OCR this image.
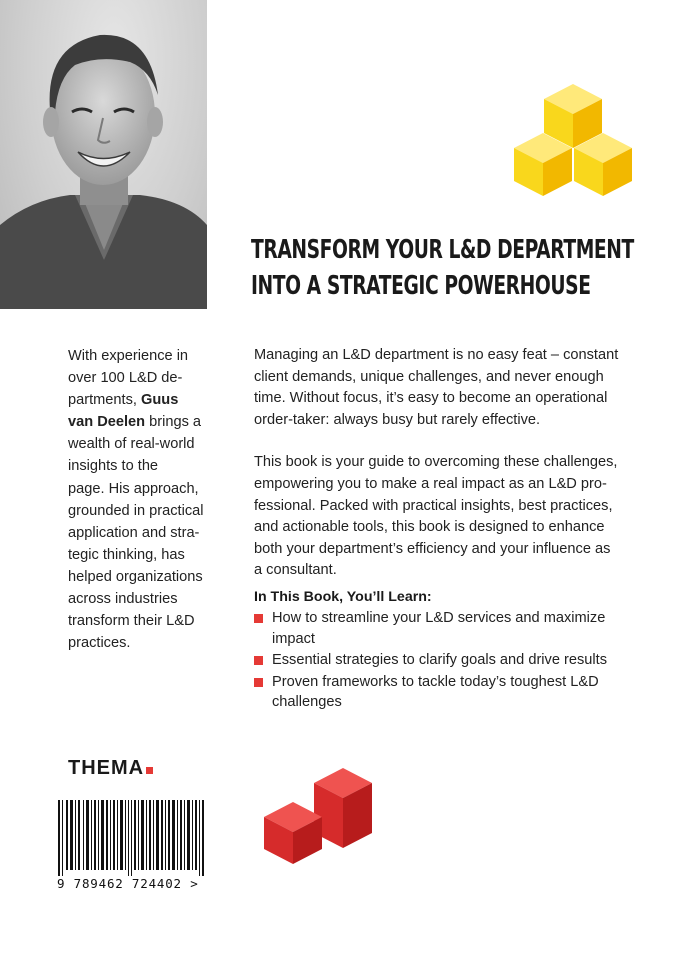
TRANSFORM YOUR L&D DEPARTMENT
INTO A STRATEGIC POWERHOUSE
With experience in
over 100 L&D de-
partments, Guus
van Deelen brings a
wealth of real-world
insights to the
page. His approach,
grounded in practical
application and stra-
tegic thinking, has
helped organizations
across industries
transform their L&D
practices.

Managing an L&D department is no easy feat – constant
client demands, unique challenges, and never enough
time. Without focus, it’s easy to become an operational
order-taker: always busy but rarely effective.

This book is your guide to overcoming these challenges,
empowering you to make a real impact as an L&D pro-
fessional. Packed with practical insights, best practices,
and actionable tools, this book is designed to enhance
both your department’s efficiency and your influence as
a consultant.

In This Book, You’ll Learn:
How to streamline your L&D services and maximize
impact
Essential strategies to clarify goals and drive results
Proven frameworks to tackle today’s toughest L&D
challenges
THEMA
9 789462 724402 >
